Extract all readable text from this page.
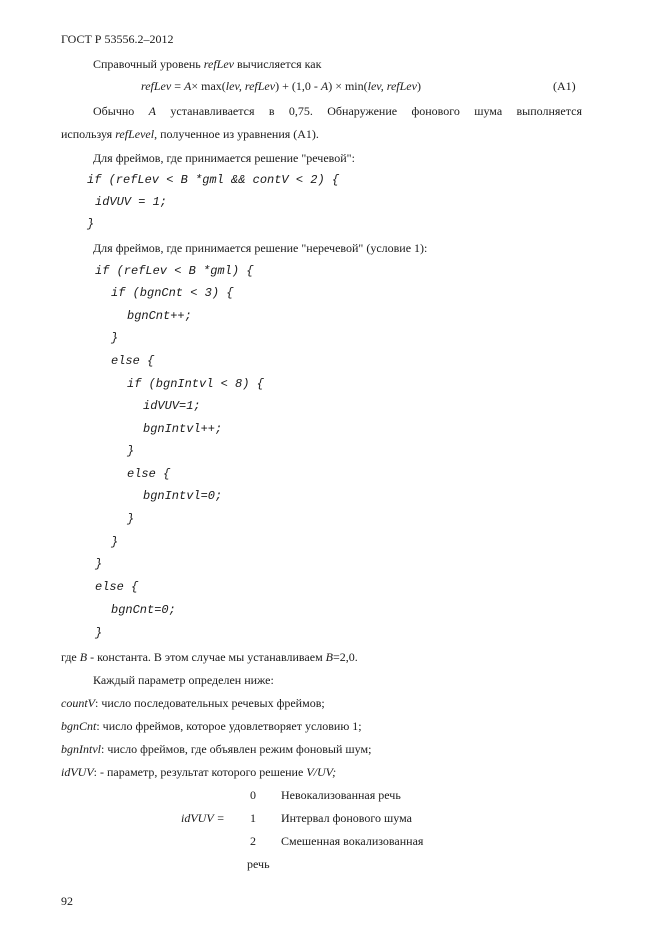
ГОСТ Р 53556.2–2012
Справочный уровень refLev вычисляется как
refLev = A× max(lev, refLev) + (1,0 - A) × min(lev, refLev)	(A1)
Обычно А устанавливается в 0,75. Обнаружение фонового шума выполняется
используя refLevel, полученное из уравнения (A1).
Для фреймов, где принимается решение "речевой":
if (refLev < B *gml && contV < 2) {
idVUV = 1;
}
Для фреймов, где принимается решение "неречевой" (условие 1):
if (refLev < B *gml) {
if (bgnCnt < 3) {
bgnCnt++;
}
else {
if (bgnIntvl < 8) {
idVUV=1;
bgnIntvl++;
}
else {
bgnIntvl=0;
}
}
}
else {
bgnCnt=0;
}
где B - константа. В этом случае мы устанавливаем B=2,0.
Каждый параметр определен ниже:
countV: число последовательных речевых фреймов;
bgnCnt: число фреймов, которое удовлетворяет условию 1;
bgnIntvl: число фреймов, где объявлен режим фоновый шум;
idVUV: - параметр, результат которого решение V/UV;
idVUV =
0 Невокализованная речь
1 Интервал фонового шума
2 Смешенная вокализованная
речь
92
